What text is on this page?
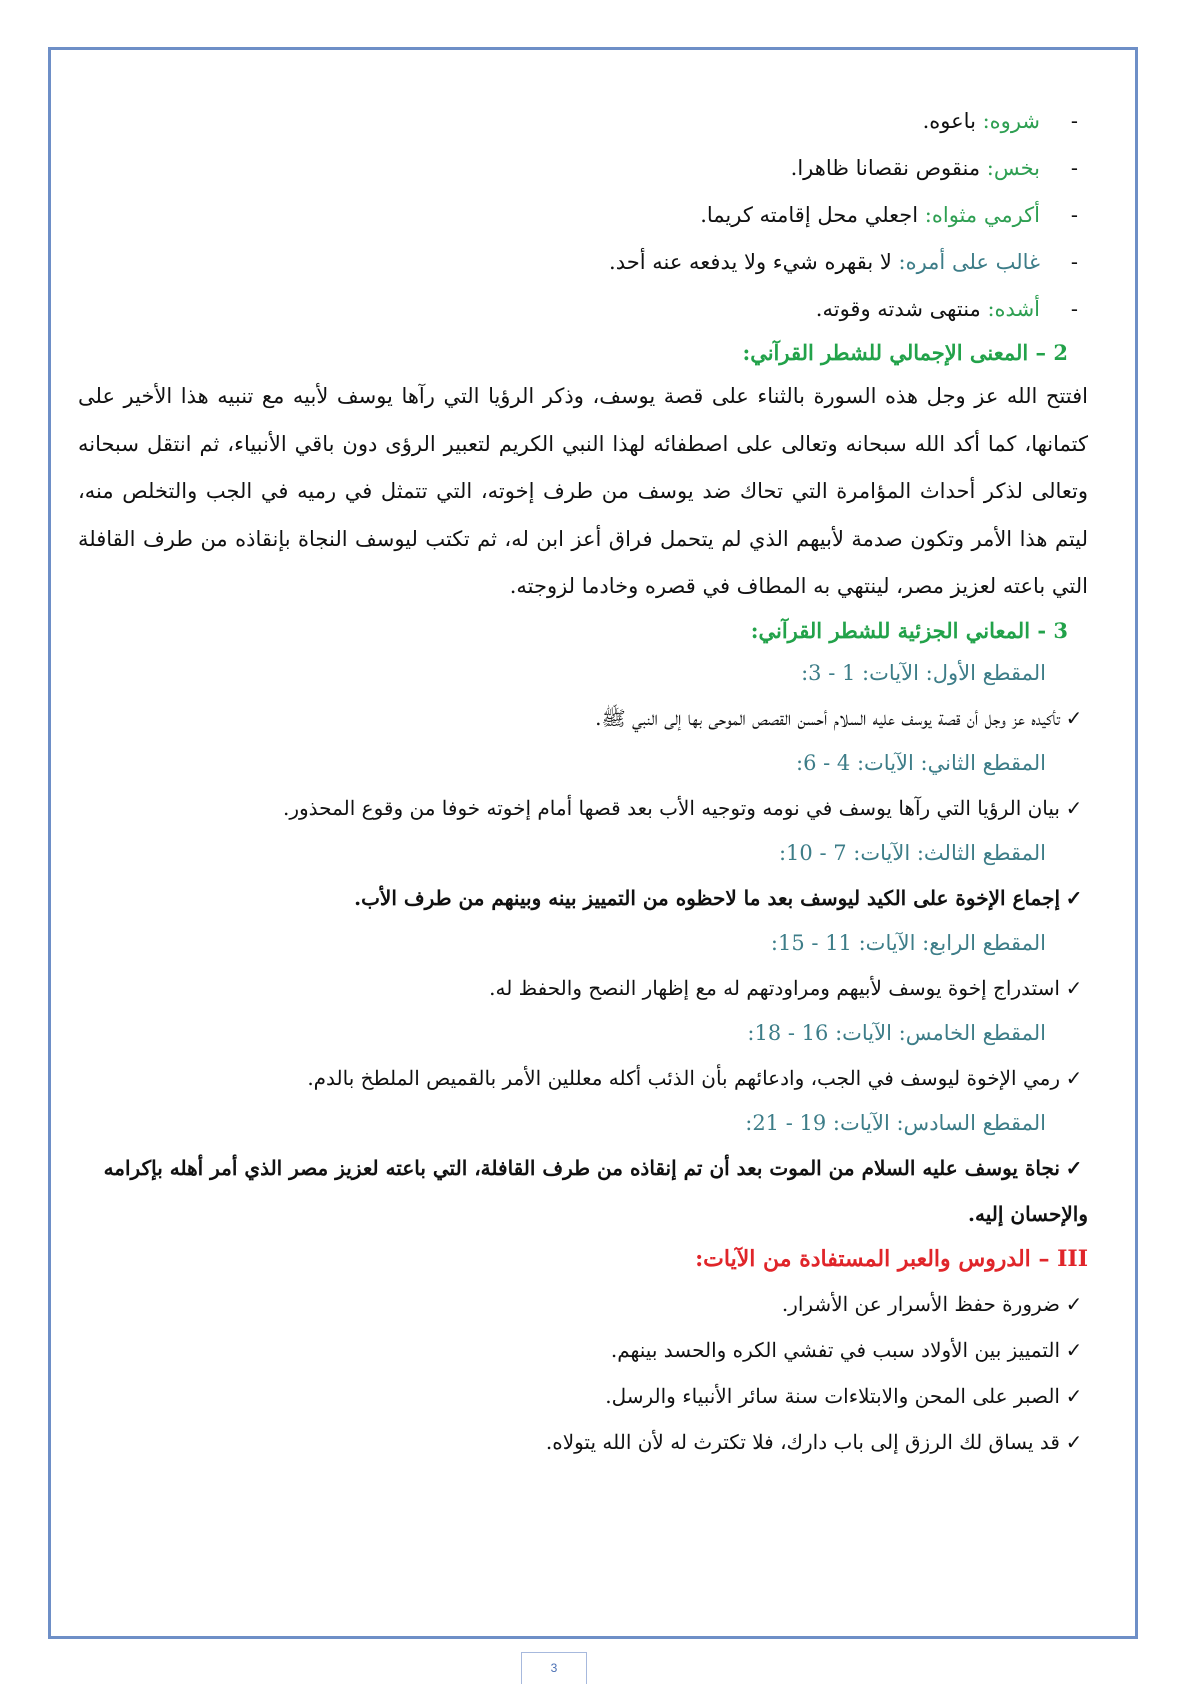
-شروه: باعوه.
-بخس: منقوص نقصانا ظاهرا.
-أكرمي مثواه: اجعلي محل إقامته كريما.
-غالب على أمره: لا بقهره شيء ولا يدفعه عنه أحد.
-أشده: منتهى شدته وقوته.
2 – المعنى الإجمالي للشطر القرآني:

افتتح الله عز وجل هذه السورة بالثناء على قصة يوسف، وذكر الرؤيا التي رآها يوسف لأبيه مع تنبيه هذا الأخير على كتمانها، كما أكد الله سبحانه وتعالى على اصطفائه لهذا النبي الكريم لتعبير الرؤى دون باقي الأنبياء، ثم انتقل سبحانه وتعالى لذكر أحداث المؤامرة التي تحاك ضد يوسف من طرف إخوته، التي تتمثل في رميه في الجب والتخلص منه، ليتم هذا الأمر وتكون صدمة لأبيهم الذي لم يتحمل فراق أعز ابن له، ثم تكتب ليوسف النجاة بإنقاذه من طرف القافلة التي باعته لعزيز مصر، لينتهي به المطاف في قصره وخادما لزوجته.

3 - المعاني الجزئية للشطر القرآني:
المقطع الأول: الآيات: 1 - 3:
✓تأكيده عز وجل أن قصة يوسف عليه السلام أحسن القصص الموحى بها إلى النبي ﷺ.
المقطع الثاني: الآيات: 4 - 6:
✓بيان الرؤيا التي رآها يوسف في نومه وتوجيه الأب بعد قصها أمام إخوته خوفا من وقوع المحذور.
المقطع الثالث: الآيات: 7 - 10:
✓إجماع الإخوة على الكيد ليوسف بعد ما لاحظوه من التمييز بينه وبينهم من طرف الأب.
المقطع الرابع: الآيات: 11 - 15:
✓استدراج إخوة يوسف لأبيهم ومراودتهم له مع إظهار النصح والحفظ له.
المقطع الخامس: الآيات: 16 - 18:
✓رمي الإخوة ليوسف في الجب، وادعائهم بأن الذئب أكله معللين الأمر بالقميص الملطخ بالدم.
المقطع السادس: الآيات: 19 - 21:
✓نجاة يوسف عليه السلام من الموت بعد أن تم إنقاذه من طرف القافلة، التي باعته لعزيز مصر الذي أمر أهله بإكرامه والإحسان إليه.
III – الدروس والعبر المستفادة من الآيات:
✓ضرورة حفظ الأسرار عن الأشرار.
✓التمييز بين الأولاد سبب في تفشي الكره والحسد بينهم.
✓الصبر على المحن والابتلاءات سنة سائر الأنبياء والرسل.
✓قد يساق لك الرزق إلى باب دارك، فلا تكترث له لأن الله يتولاه.
3
